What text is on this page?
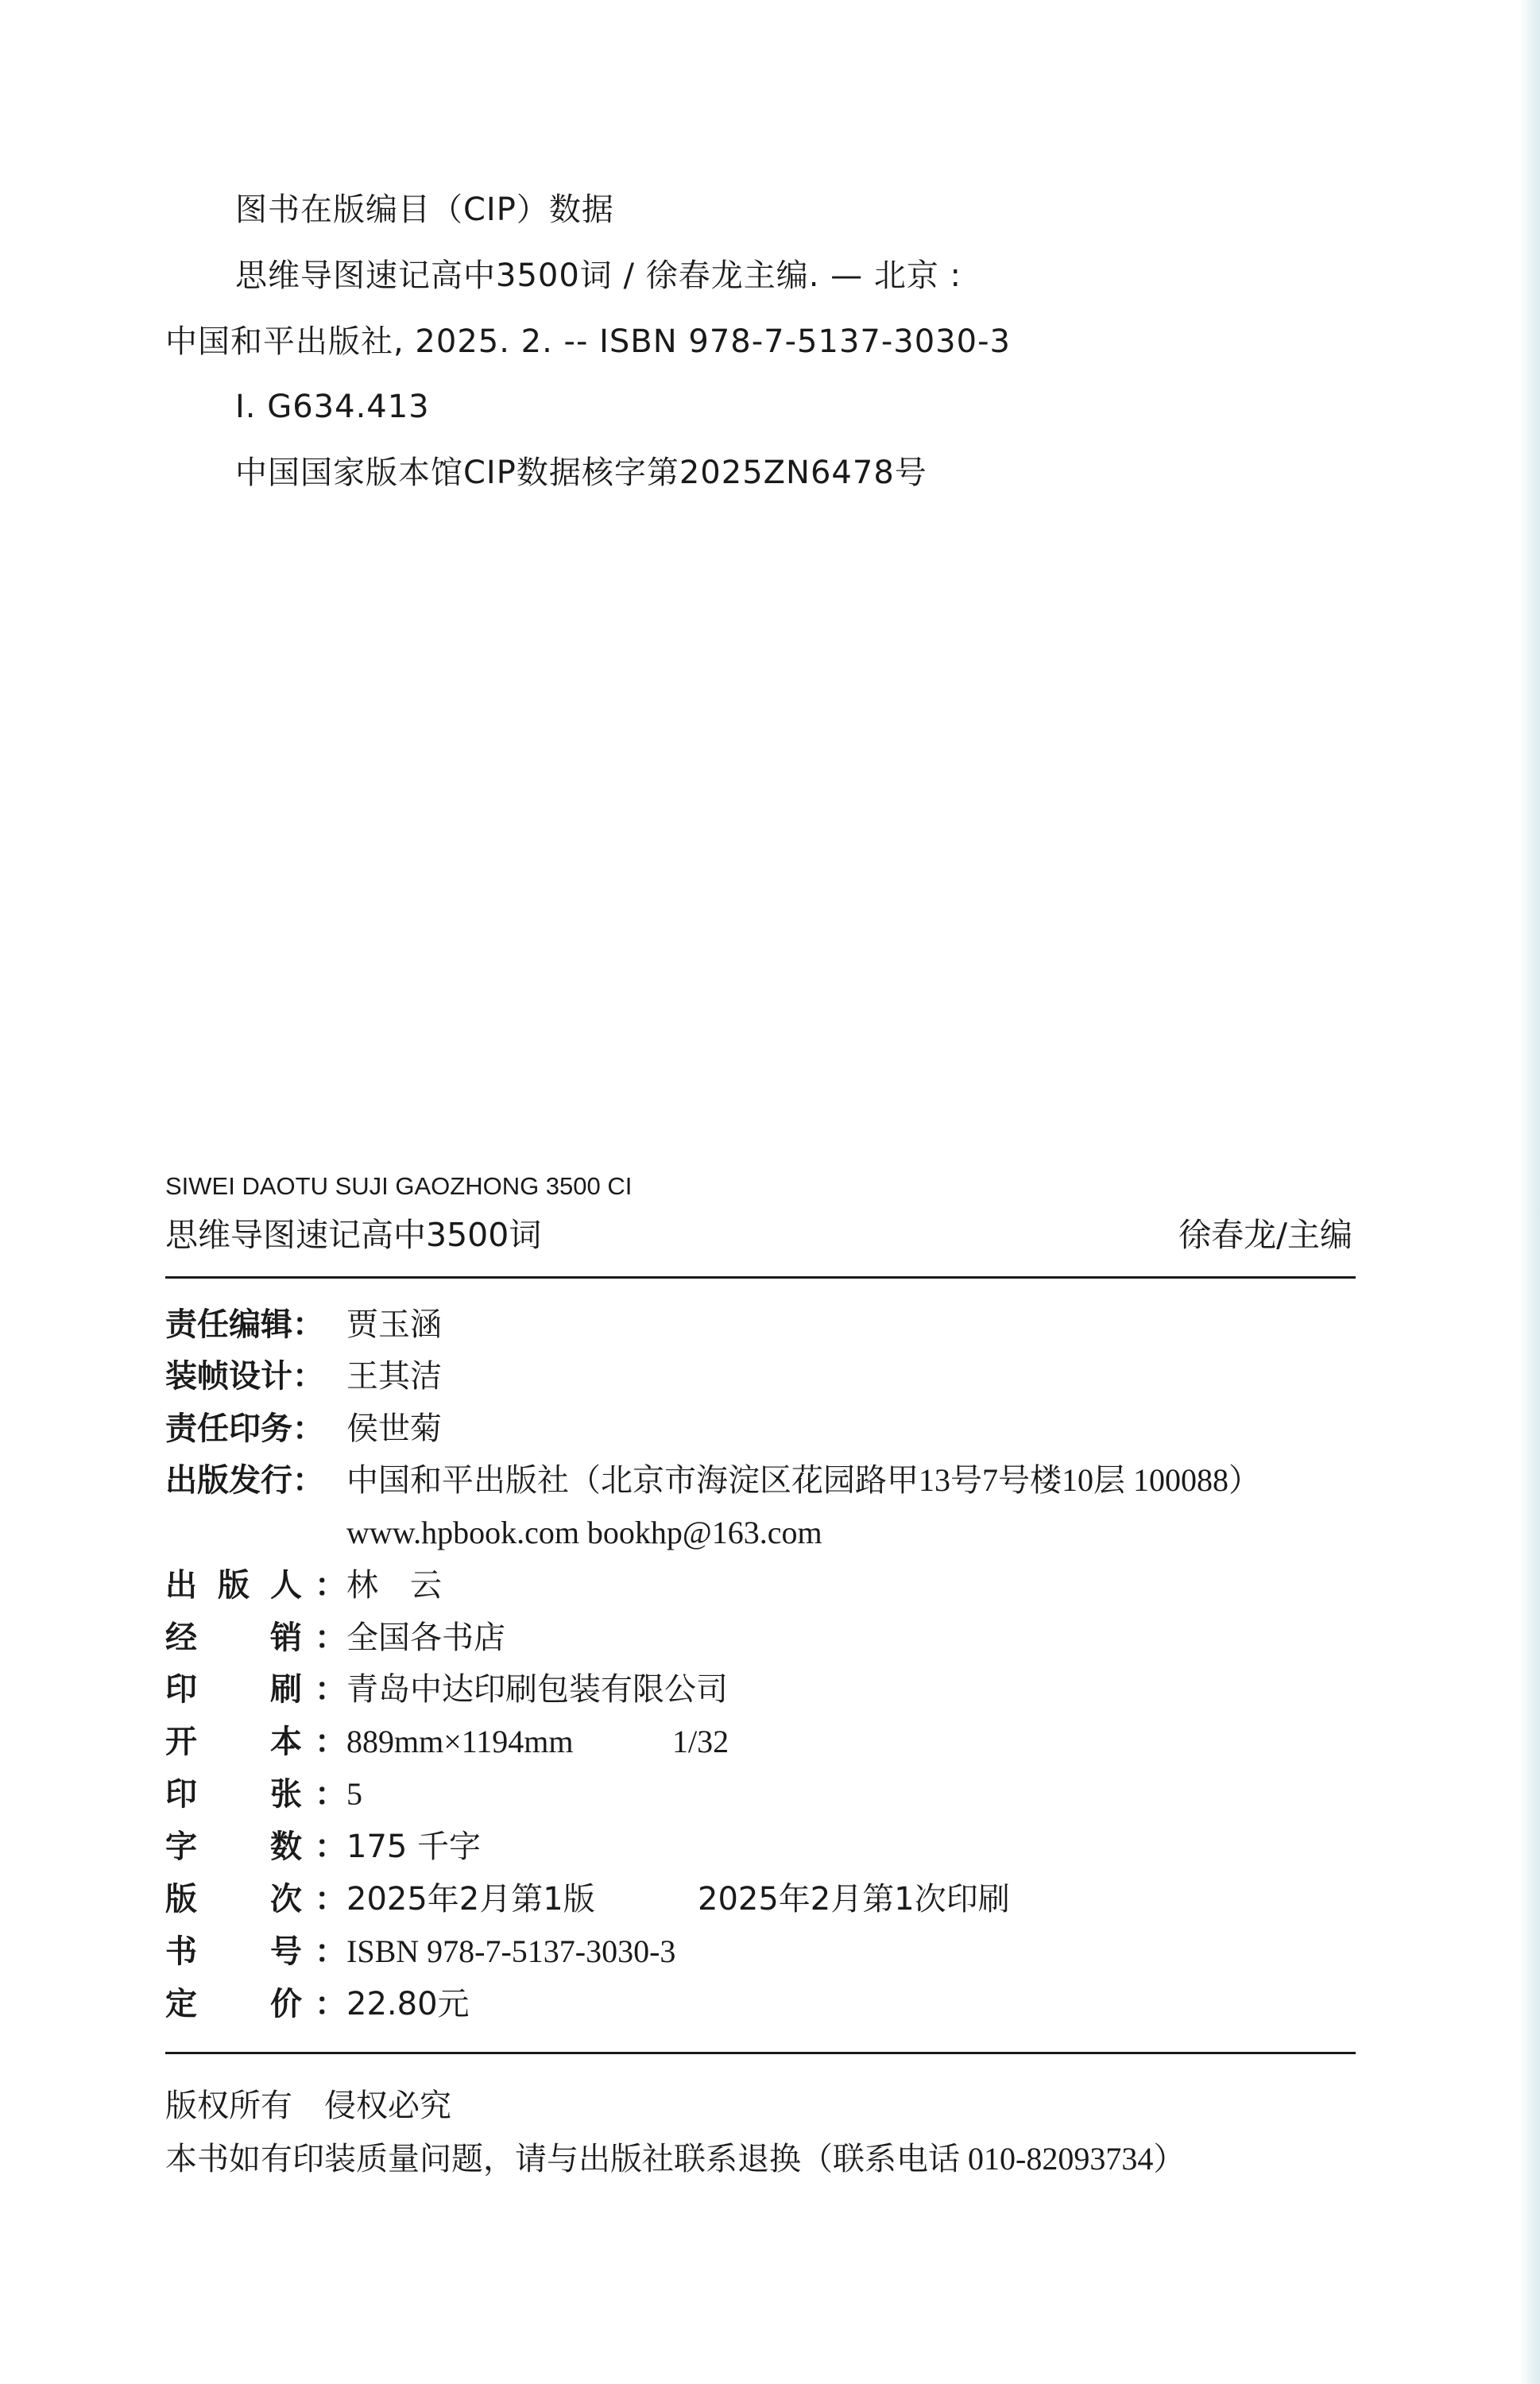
图书在版编目（CIP）数据
思维导图速记高中3500词 / 徐春龙主编. — 北京 :
中国和平出版社, 2025. 2. -- ISBN 978-7-5137-3030-3
Ⅰ. G634.413
中国国家版本馆CIP数据核字第2025ZN6478号
SIWEI DAOTU SUJI GAOZHONG 3500 CI
思维导图速记高中3500词	徐春龙/主编
责任编辑： 贾玉涵
装帧设计： 王其洁
责任印务： 侯世菊
出版发行： 中国和平出版社（北京市海淀区花园路甲13号7号楼10层 100088）
www.hpbook.com bookhp@163.com
出 版 人 ： 林　云
经 销 ： 全国各书店
印 刷 ： 青岛中达印刷包装有限公司
开 本 ： 889mm×1194mm	1/32
印 张 ： 5
字 数 ： 175 千字
版 次 ： 2025年2月第1版	2025年2月第1次印刷
书 号 ： ISBN 978-7-5137-3030-3
定 价 ： 22.80元
版权所有　侵权必究
本书如有印装质量问题，请与出版社联系退换（联系电话 010-82093734）
